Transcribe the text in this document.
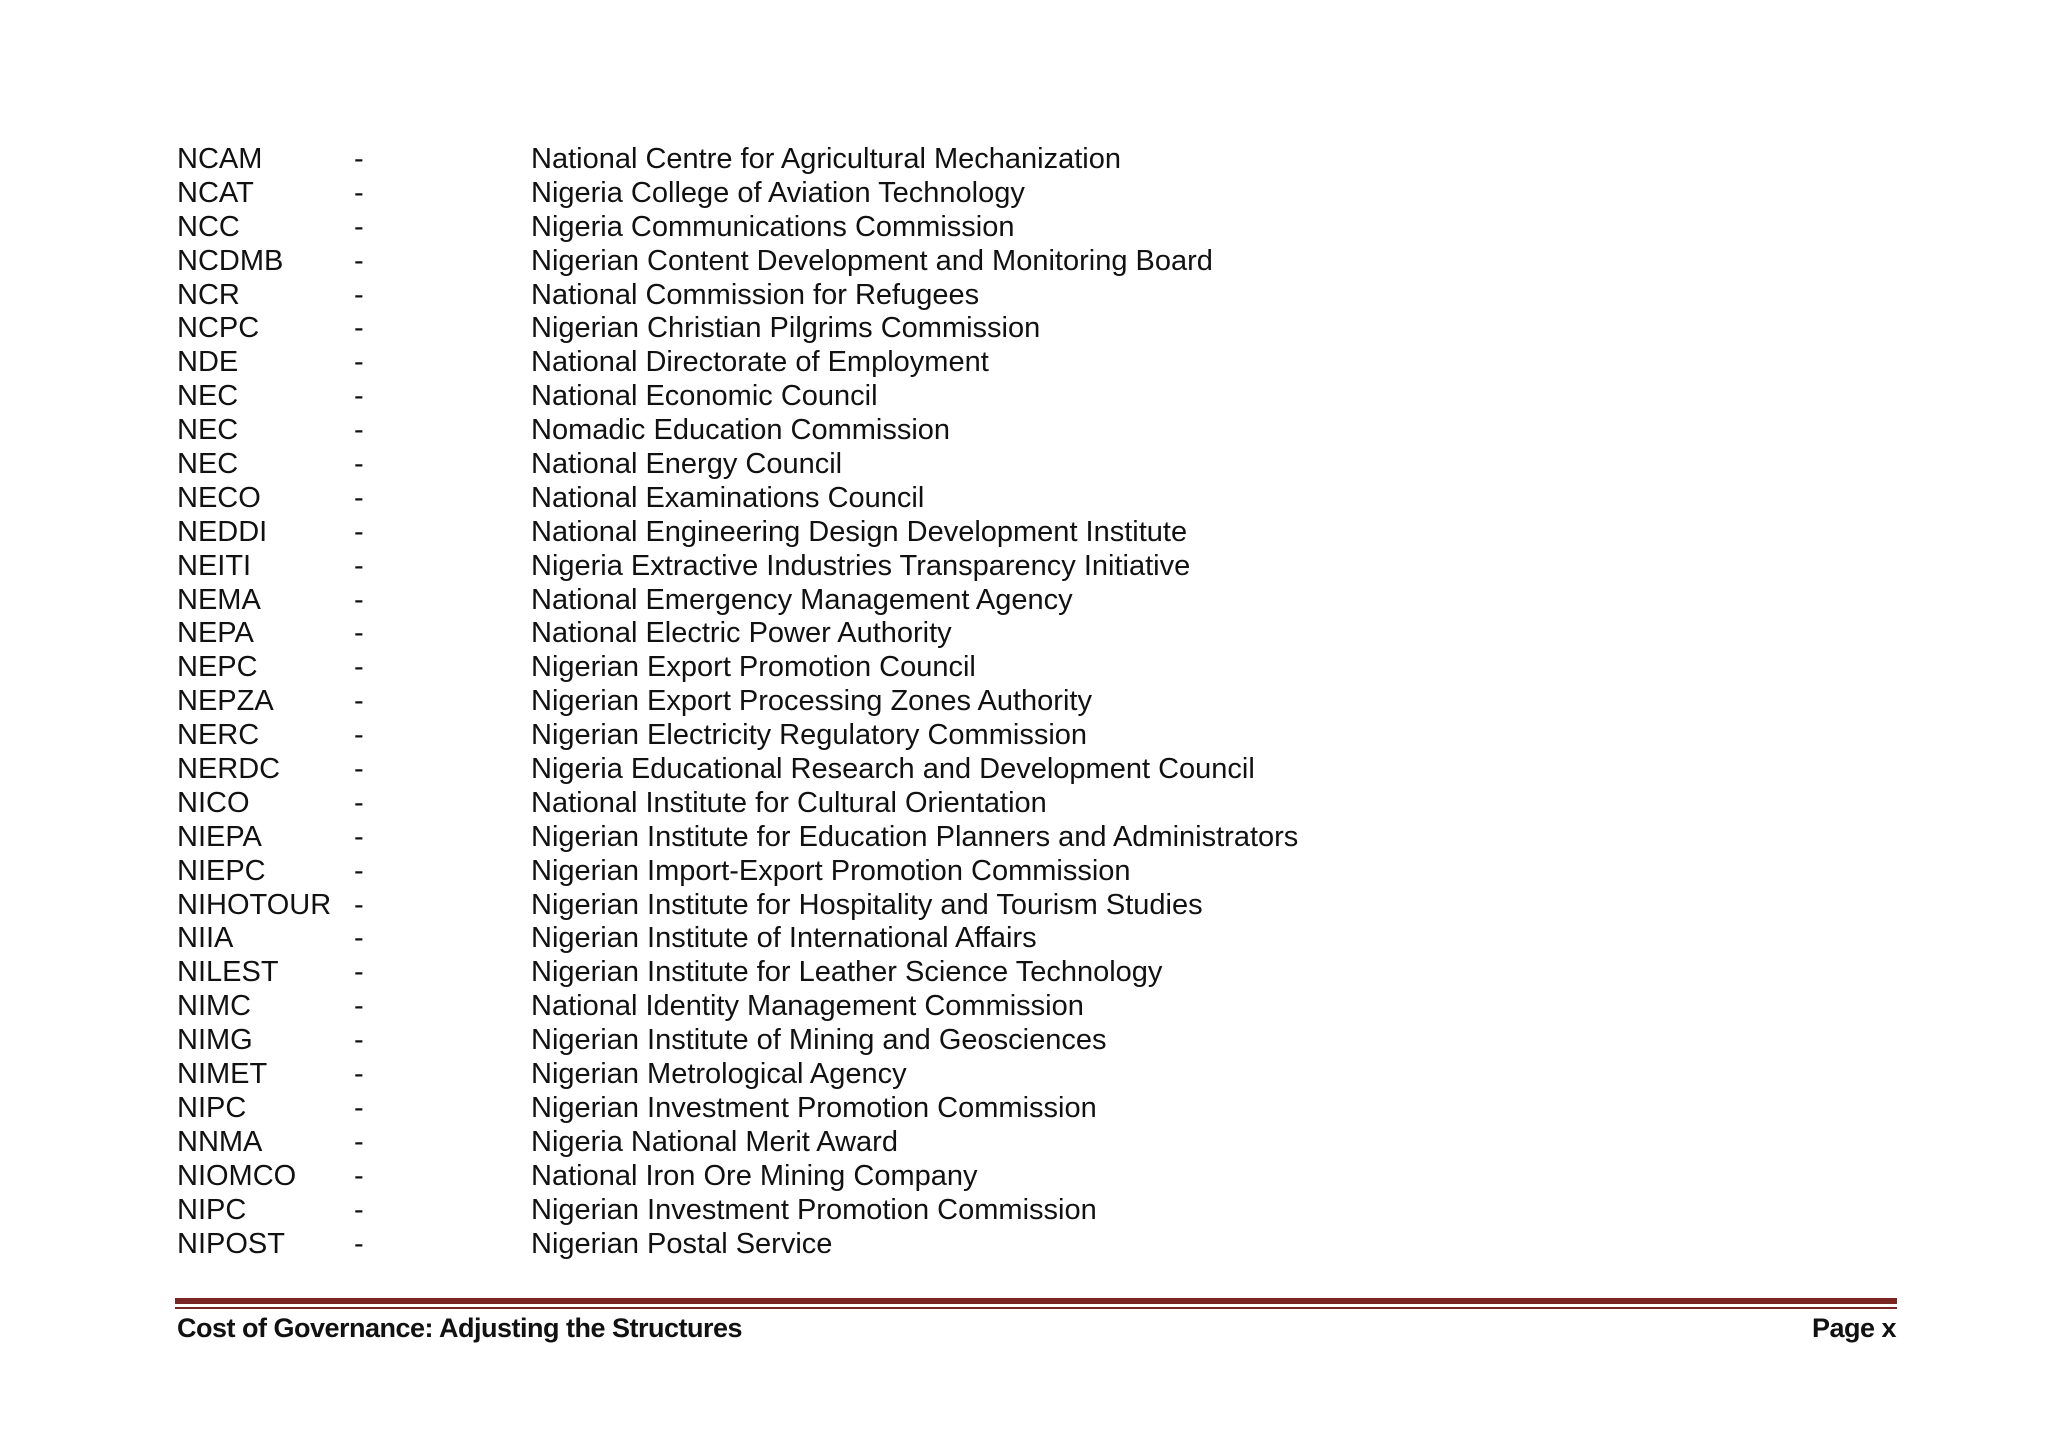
NCAM	-	National Centre for Agricultural Mechanization
NCAT	-	Nigeria College of Aviation Technology
NCC	-	Nigeria Communications Commission
NCDMB -	Nigerian Content Development and Monitoring Board
NCR	-	National Commission for Refugees
NCPC	-	Nigerian Christian Pilgrims Commission
NDE	-	National Directorate of Employment
NEC	-	National Economic Council
NEC	-	Nomadic Education Commission
NEC	-	National Energy Council
NECO	-	National Examinations Council
NEDDI	-	National Engineering Design Development Institute
NEITI	-	Nigeria Extractive Industries Transparency Initiative
NEMA	-	National Emergency Management Agency
NEPA	-	National Electric Power Authority
NEPC	-	Nigerian Export Promotion Council
NEPZA	-	Nigerian Export Processing Zones Authority
NERC	-	Nigerian Electricity Regulatory Commission
NERDC	-	Nigeria Educational Research and Development Council
NICO	-	National Institute for Cultural Orientation
NIEPA	-	Nigerian Institute for Education Planners and Administrators
NIEPC	-	Nigerian Import-Export Promotion Commission
NIHOTOUR -	Nigerian Institute for Hospitality and Tourism Studies
NIIA	-	Nigerian Institute of International Affairs
NILEST	-	Nigerian Institute for Leather Science Technology
NIMC	-	National Identity Management Commission
NIMG	-	Nigerian Institute of Mining and Geosciences
NIMET	-	Nigerian Metrological Agency
NIPC	-	Nigerian Investment Promotion Commission
NNMA	-	Nigeria National Merit Award
NIOMCO -	National Iron Ore Mining Company
NIPC	-	Nigerian Investment Promotion Commission
NIPOST -	Nigerian Postal Service
Cost of Governance: Adjusting the Structures	Page x
